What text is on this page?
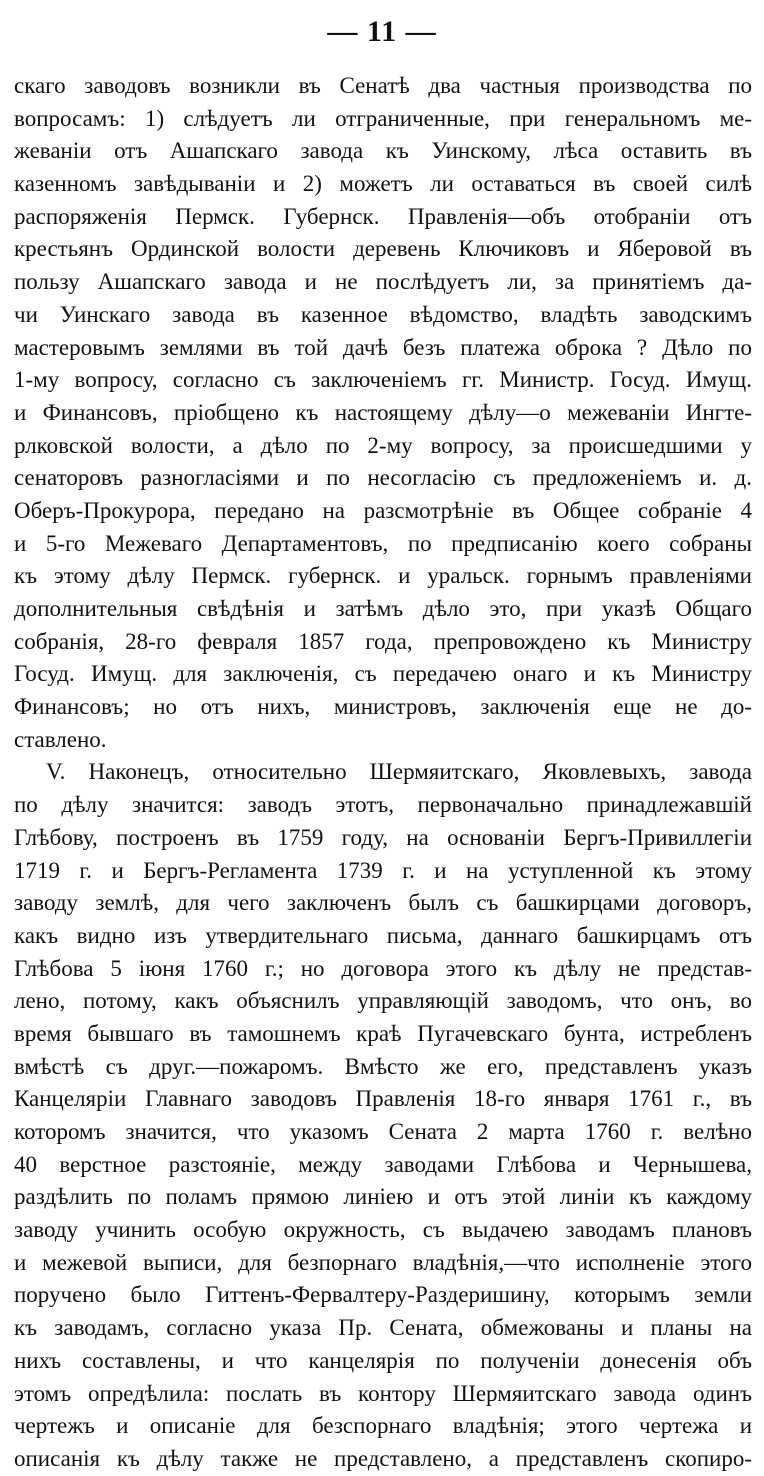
— 11 —
скаго заводовъ возникли въ Сенатѣ два частныя производства по
вопросамъ: 1) слѣдуетъ ли отграниченные, при генеральномъ ме-
жеваніи отъ Ашапскаго завода къ Уинскому, лѣса оставить въ
казенномъ завѣдываніи и 2) можетъ ли оставаться въ своей силѣ
распоряженія Пермск. Губернск. Правленія—объ отобраніи отъ
крестьянъ Ординской волости деревень Ключиковъ и Яберовой въ
пользу Ашапскаго завода и не послѣдуетъ ли, за принятіемъ да-
чи Уинскаго завода въ казенное вѣдомство, владѣть заводскимъ
мастеровымъ землями въ той дачѣ безъ платежа оброка ? Дѣло по
1-му вопросу, согласно съ заключеніемъ гг. Министр. Госуд. Имущ.
и Финансовъ, пріобщено къ настоящему дѣлу—о межеваніи Ингте-
рлковской волости, а дѣло по 2-му вопросу, за происшедшими у
сенаторовъ разногласіями и по несогласію съ предложеніемъ и. д.
Оберъ-Прокурора, передано на разсмотрѣніе въ Общее собраніе 4
и 5-го Межеваго Департаментовъ, по предписанію коего собраны
къ этому дѣлу Пермск. губернск. и уральск. горнымъ правленіями
дополнительныя свѣдѣнія и затѣмъ дѣло это, при указѣ Общаго
собранія, 28-го февраля 1857 года, препровождено къ Министру
Госуд. Имущ. для заключенія, съ передачею онаго и къ Министру
Финансовъ; но отъ нихъ, министровъ, заключенія еще не до-
ставлено.
V. Наконецъ, относительно Шермяитскаго, Яковлевыхъ, завода
по дѣлу значится: заводъ этотъ, первоначально принадлежавшій
Глѣбову, построенъ въ 1759 году, на основаніи Бергъ-Привиллегіи
1719 г. и Бергъ-Регламента 1739 г. и на уступленной къ этому
заводу землѣ, для чего заключенъ былъ съ башкирцами договоръ,
какъ видно изъ утвердительнаго письма, даннаго башкирцамъ отъ
Глѣбова 5 іюня 1760 г.; но договора этого къ дѣлу не представ-
лено, потому, какъ объяснилъ управляющій заводомъ, что онъ, во
время бывшаго въ тамошнемъ краѣ Пугачевскаго бунта, истребленъ
вмѣстѣ съ друг.—пожаромъ. Вмѣсто же его, представленъ указъ
Канцеляріи Главнаго заводовъ Правленія 18-го января 1761 г., въ
которомъ значится, что указомъ Сената 2 марта 1760 г. велѣно
40 верстное разстояніе, между заводами Глѣбова и Чернышева,
раздѣлить по поламъ прямою линіею и отъ этой линіи къ каждому
заводу учинить особую окружность, съ выдачею заводамъ плановъ
и межевой выписи, для безпорнаго владѣнія,—что исполненіе этого
поручено было Гиттенъ-Фервалтеру-Раздеришину, которымъ земли
къ заводамъ, согласно указа Пр. Сената, обмежованы и планы на
нихъ составлены, и что канцелярія по полученіи донесенія объ
этомъ опредѣлила: послать въ контору Шермяитскаго завода одинъ
чертежъ и описаніе для безспорнаго владѣнія; этого чертежа и
описанія къ дѣлу также не представлено, а представленъ скопиро-
